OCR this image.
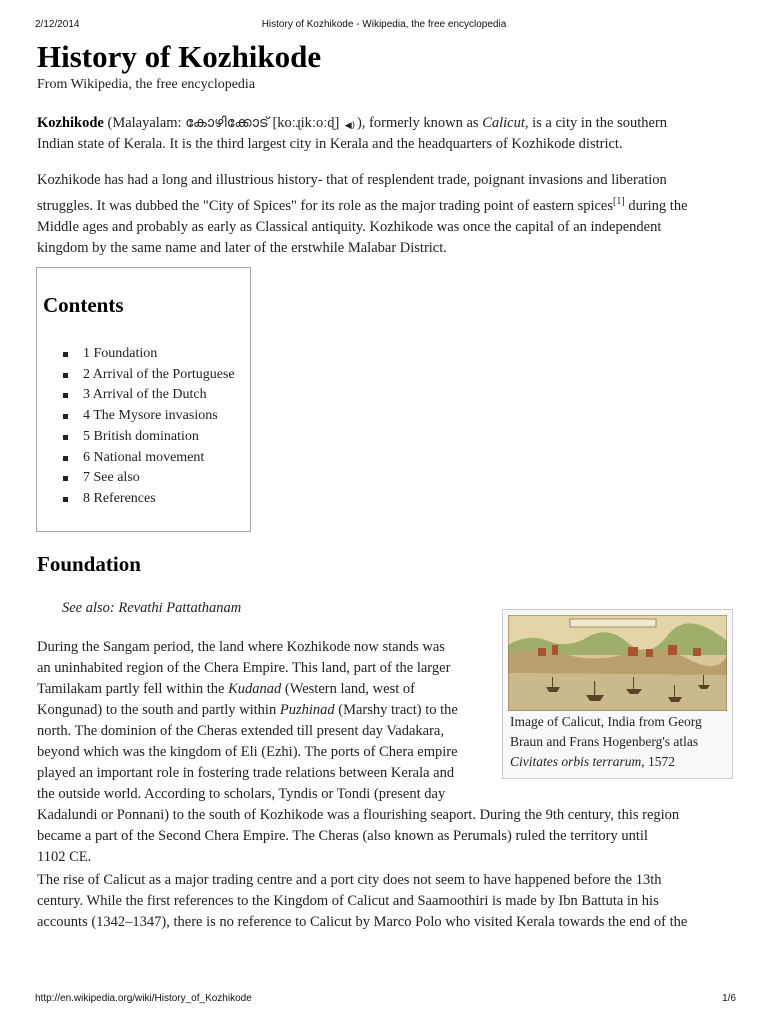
2/12/2014	History of Kozhikode - Wikipedia, the free encyclopedia
History of Kozhikode
From Wikipedia, the free encyclopedia
Kozhikode (Malayalam: കോഴിക്കോട് [koːɻikːoːɖ] ◀) ), formerly known as Calicut, is a city in the southern
Indian state of Kerala. It is the third largest city in Kerala and the headquarters of Kozhikode district.
Kozhikode has had a long and illustrious history- that of resplendent trade, poignant invasions and liberation
struggles. It was dubbed the "City of Spices" for its role as the major trading point of eastern spices[1] during the
Middle ages and probably as early as Classical antiquity. Kozhikode was once the capital of an independent
kingdom by the same name and later of the erstwhile Malabar District.
Contents
1 Foundation
2 Arrival of the Portuguese
3 Arrival of the Dutch
4 The Mysore invasions
5 British domination
6 National movement
7 See also
8 References
Foundation
See also: Revathi Pattathanam
Image of Calicut, India from Georg
Braun and Frans Hogenberg's atlas
Civitates orbis terrarum, 1572
During the Sangam period, the land where Kozhikode now stands was
an uninhabited region of the Chera Empire. This land, part of the larger
Tamilakam partly fell within the Kudanad (Western land, west of
Kongunad) to the south and partly within Puzhinad (Marshy tract) to the
north. The dominion of the Cheras extended till present day Vadakara,
beyond which was the kingdom of Eli (Ezhi). The ports of Chera empire
played an important role in fostering trade relations between Kerala and
the outside world. According to scholars, Tyndis or Tondi (present day
Kadalundi or Ponnani) to the south of Kozhikode was a flourishing seaport. During the 9th century, this region
became a part of the Second Chera Empire. The Cheras (also known as Perumals) ruled the territory until
1102 CE.
The rise of Calicut as a major trading centre and a port city does not seem to have happened before the 13th
century. While the first references to the Kingdom of Calicut and Saamoothiri is made by Ibn Battuta in his
accounts (1342–1347), there is no reference to Calicut by Marco Polo who visited Kerala towards the end of the
http://en.wikipedia.org/wiki/History_of_Kozhikode	1/6
